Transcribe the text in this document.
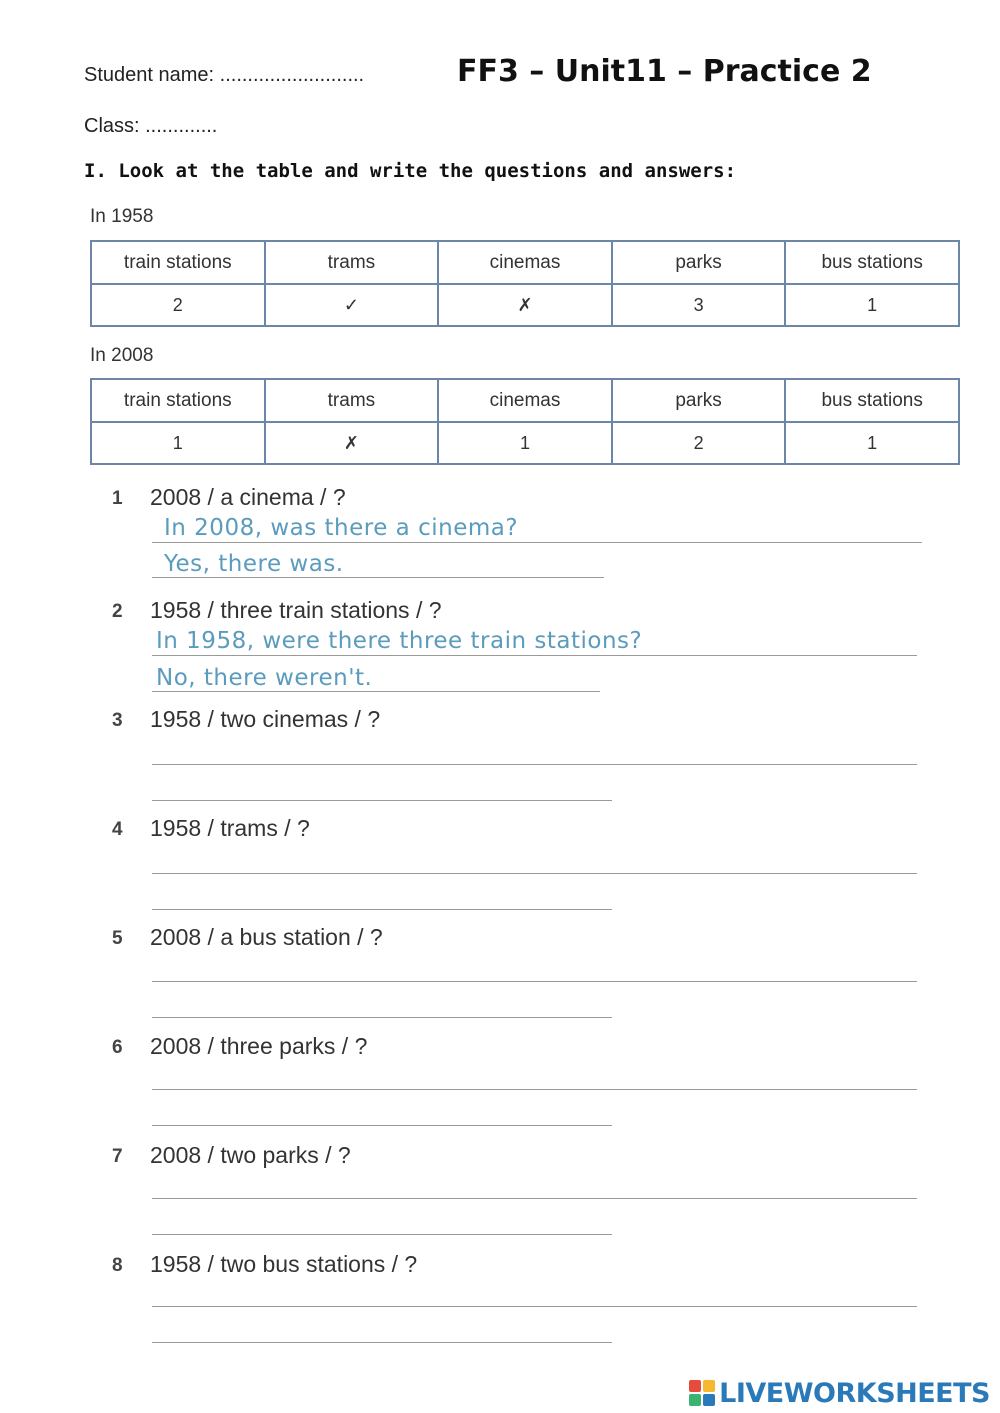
Student name: ..........................	FF3 – Unit11 – Practice 2
Class: .............
I. Look at the table and write the questions and answers:
In 1958
train stations	trams	cinemas	parks	bus stations
2	✓	✗	3	1
In 2008
train stations	trams	cinemas	parks	bus stations
1	✗	1	2	1
1 2008 / a cinema / ?
In 2008, was there a cinema?
Yes, there was.
2 1958 / three train stations / ?
In 1958, were there three train stations?
No, there weren't.
3 1958 / two cinemas / ?
4 1958 / trams / ?
5 2008 / a bus station / ?
6 2008 / three parks / ?
7 2008 / two parks / ?
8 1958 / two bus stations / ?
LIVEWORKSHEETS
